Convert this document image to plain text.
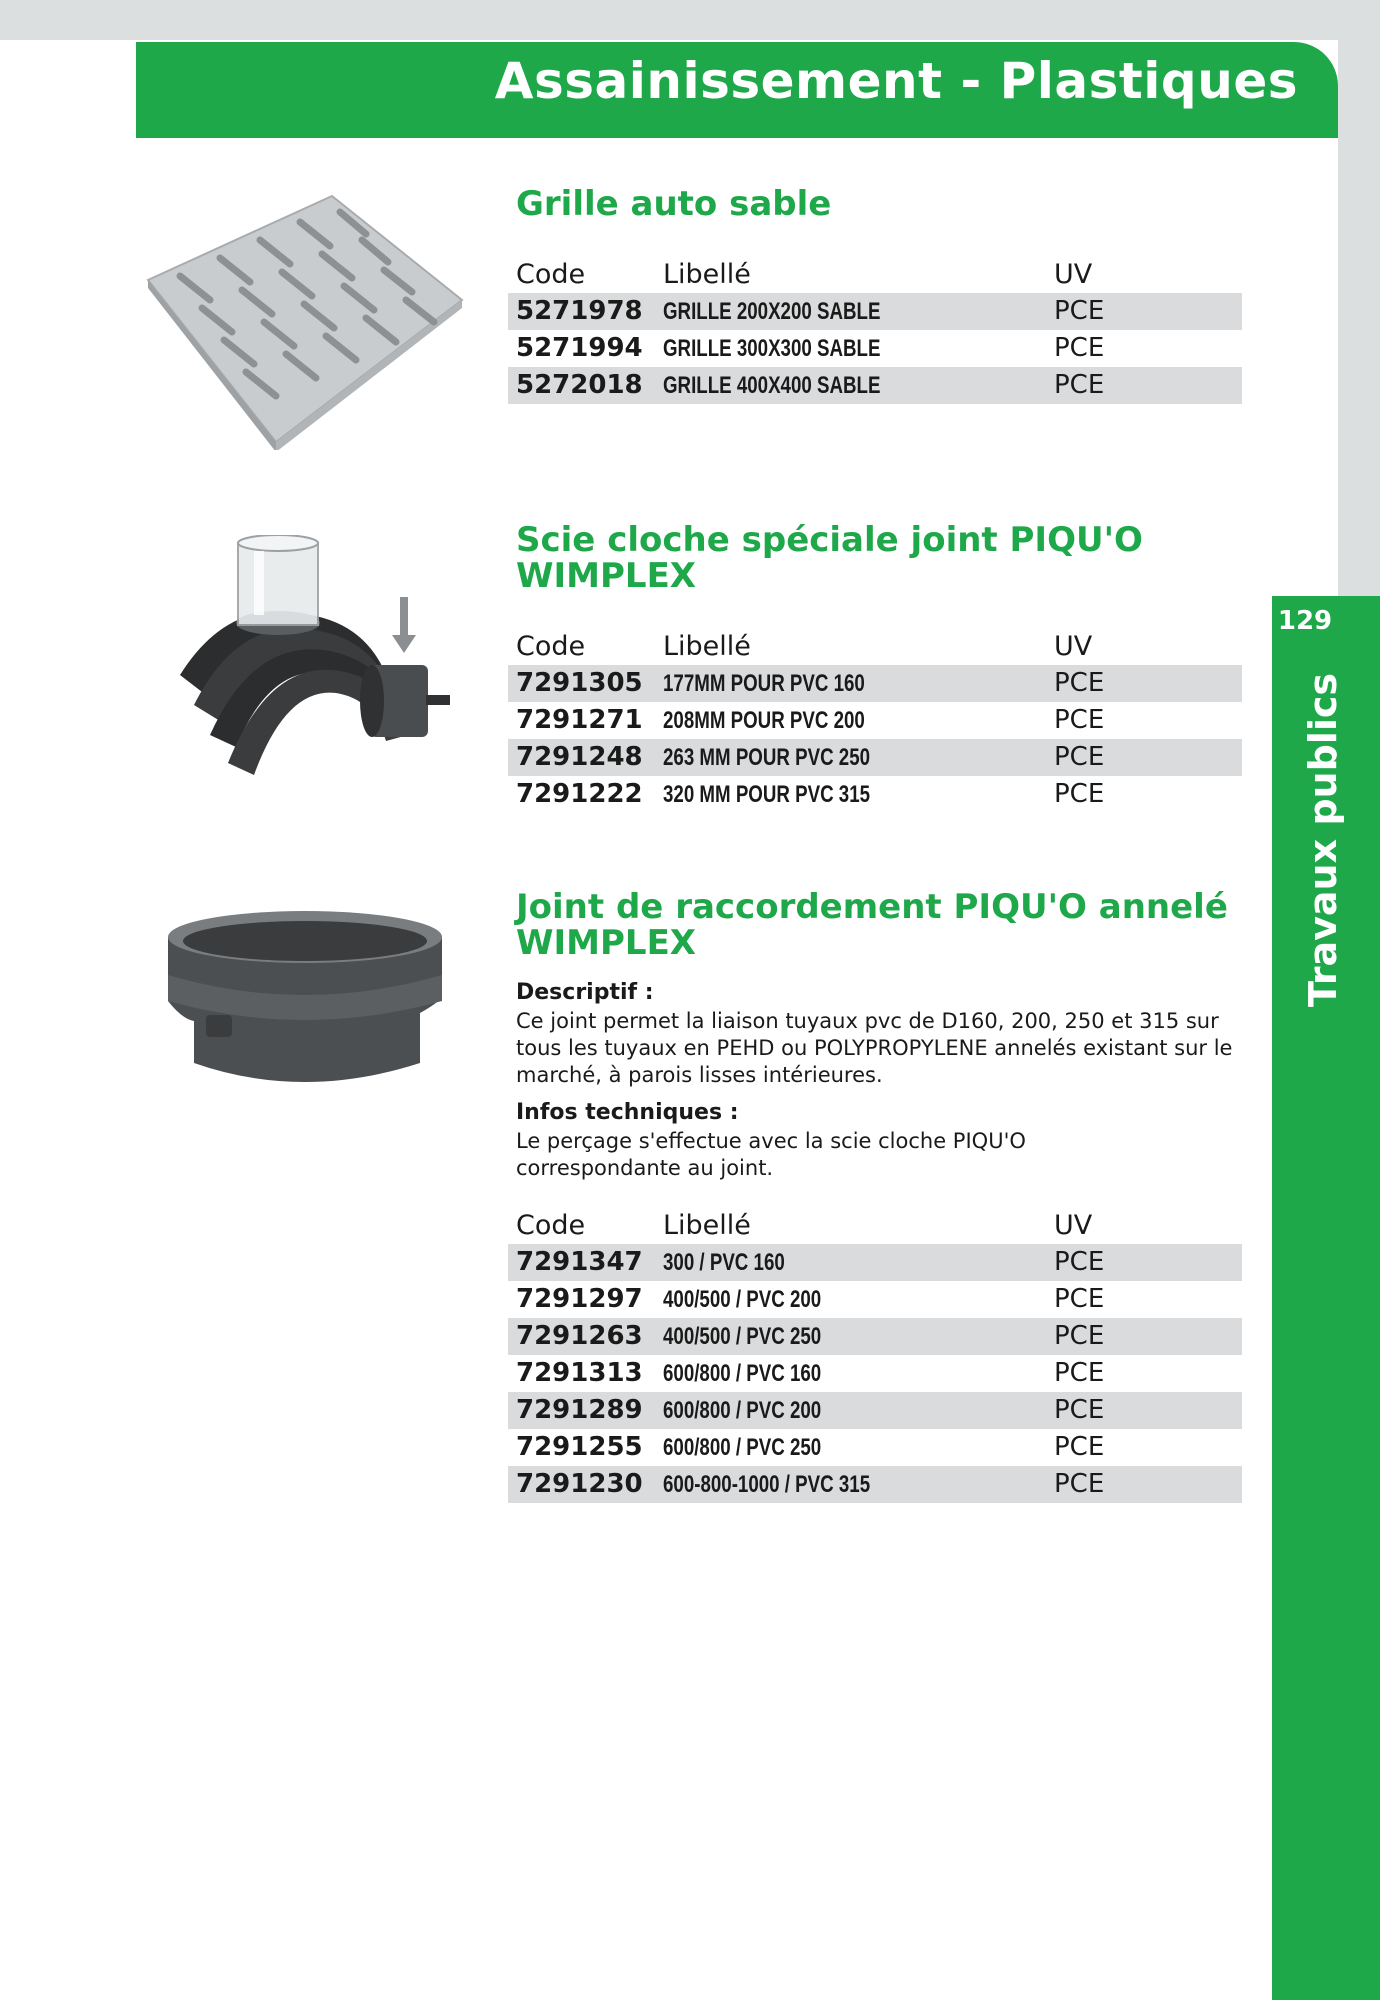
Assainissement - Plastiques
129
Travaux publics
Grille auto sable
Code	Libellé	UV
5271978 GRILLE 200X200 SABLE	PCE
5271994 GRILLE 300X300 SABLE	PCE
5272018 GRILLE 400X400 SABLE	PCE
Scie cloche spéciale joint PIQU'O
WIMPLEX
Code	Libellé	UV
7291305 177MM POUR PVC 160	PCE
7291271 208MM POUR PVC 200	PCE
7291248 263 MM POUR PVC 250	PCE
7291222 320 MM POUR PVC 315	PCE
Joint de raccordement PIQU'O annelé
WIMPLEX
Descriptif :
Ce joint permet la liaison tuyaux pvc de D160, 200, 250 et 315 sur tous les tuyaux en PEHD ou POLYPROPYLENE annelés existant sur le marché, à parois lisses intérieures.
Infos techniques :
Le perçage s'effectue avec la scie cloche PIQU'O correspondante au joint.
Code	Libellé	UV
7291347 300 / PVC 160	PCE
7291297 400/500 / PVC 200	PCE
7291263 400/500 / PVC 250	PCE
7291313 600/800 / PVC 160	PCE
7291289 600/800 / PVC 200	PCE
7291255 600/800 / PVC 250	PCE
7291230 600-800-1000 / PVC 315	PCE
